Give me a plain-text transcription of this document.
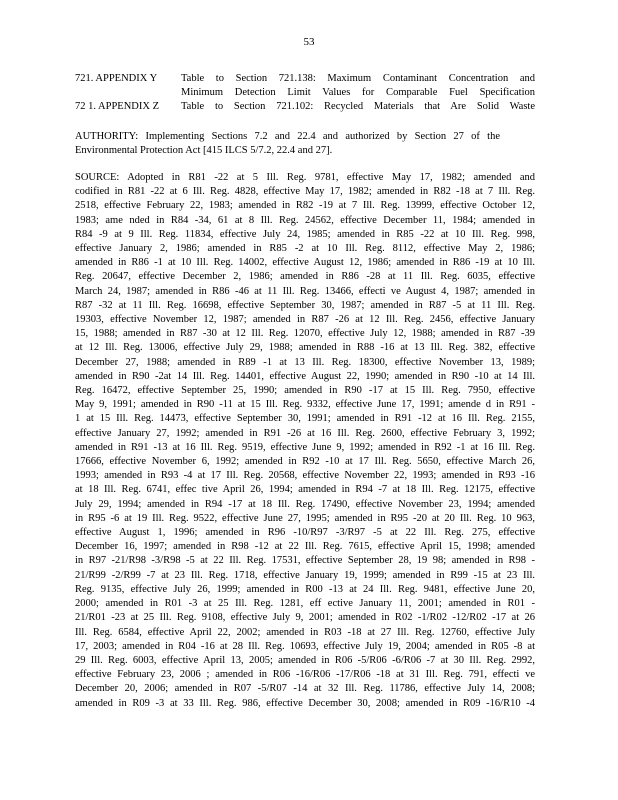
53
721. APPENDIX Y Table to Section 721.138: Maximum Contaminant Concentration and
Minimum Detection Limit Values for Comparable Fuel Specification
72 1. APPENDIX Z Table to Section 721.102: Recycled Materials that Are Solid Waste
AUTHORITY: Implementing Sections 7.2 and 22.4 and authorized by Section 27 of the
Environmental Protection Act [415 ILCS 5/7.2, 22.4 and 27].
SOURCE: Adopted in R81 -22 at 5 Ill. Reg. 9781, effective May 17, 1982; amended and
codified in R81 -22 at 6 Ill. Reg. 4828, effective May 17, 1982; amended in R82 -18 at 7 Ill. Reg.
2518, effective February 22, 1983; amended in R82 -19 at 7 Ill. Reg. 13999, effective October 12,
1983; ame nded in R84 -34, 61 at 8 Ill. Reg. 24562, effective December 11, 1984; amended in
R84 -9 at 9 Ill. Reg. 11834, effective July 24, 1985; amended in R85 -22 at 10 Ill. Reg. 998,
effective January 2, 1986; amended in R85 -2 at 10 Ill. Reg. 8112, effective May 2, 1986;
amended in R86 -1 at 10 Ill. Reg. 14002, effective August 12, 1986; amended in R86 -19 at 10 Ill.
Reg. 20647, effective December 2, 1986; amended in R86 -28 at 11 Ill. Reg. 6035, effective
March 24, 1987; amended in R86 -46 at 11 Ill. Reg. 13466, effecti ve August 4, 1987; amended in
R87 -32 at 11 Ill. Reg. 16698, effective September 30, 1987; amended in R87 -5 at 11 Ill. Reg.
19303, effective November 12, 1987; amended in R87 -26 at 12 Ill. Reg. 2456, effective January
15, 1988; amended in R87 -30 at 12 Ill. Reg. 12070, effective July 12, 1988; amended in R87 -39
at 12 Ill. Reg. 13006, effective July 29, 1988; amended in R88 -16 at 13 Ill. Reg. 382, effective
December 27, 1988; amended in R89 -1 at 13 Ill. Reg. 18300, effective November 13, 1989;
amended in R90 -2at 14 Ill. Reg. 14401, effective August 22, 1990; amended in R90 -10 at 14 Ill.
Reg. 16472, effective September 25, 1990; amended in R90 -17 at 15 Ill. Reg. 7950, effective
May 9, 1991; amended in R90 -11 at 15 Ill. Reg. 9332, effective June 17, 1991; amende d in R91 -
1 at 15 Ill. Reg. 14473, effective September 30, 1991; amended in R91 -12 at 16 Ill. Reg. 2155,
effective January 27, 1992; amended in R91 -26 at 16 Ill. Reg. 2600, effective February 3, 1992;
amended in R91 -13 at 16 Ill. Reg. 9519, effective June 9, 1992; amended in R92 -1 at 16 Ill. Reg.
17666, effective November 6, 1992; amended in R92 -10 at 17 Ill. Reg. 5650, effective March 26,
1993; amended in R93 -4 at 17 Ill. Reg. 20568, effective November 22, 1993; amended in R93 -16
at 18 Ill. Reg. 6741, effec tive April 26, 1994; amended in R94 -7 at 18 Ill. Reg. 12175, effective
July 29, 1994; amended in R94 -17 at 18 Ill. Reg. 17490, effective November 23, 1994; amended
in R95 -6 at 19 Ill. Reg. 9522, effective June 27, 1995; amended in R95 -20 at 20 Ill. Reg. 10 963,
effective August 1, 1996; amended in R96 -10/R97 -3/R97 -5 at 22 Ill. Reg. 275, effective
December 16, 1997; amended in R98 -12 at 22 Ill. Reg. 7615, effective April 15, 1998; amended
in R97 -21/R98 -3/R98 -5 at 22 Ill. Reg. 17531, effective September 28, 19 98; amended in R98 -
21/R99 -2/R99 -7 at 23 Ill. Reg. 1718, effective January 19, 1999; amended in R99 -15 at 23 Ill.
Reg. 9135, effective July 26, 1999; amended in R00 -13 at 24 Ill. Reg. 9481, effective June 20,
2000; amended in R01 -3 at 25 Ill. Reg. 1281, eff ective January 11, 2001; amended in R01 -
21/R01 -23 at 25 Ill. Reg. 9108, effective July 9, 2001; amended in R02 -1/R02 -12/R02 -17 at 26
Ill. Reg. 6584, effective April 22, 2002; amended in R03 -18 at 27 Ill. Reg. 12760, effective July
17, 2003; amended in R04 -16 at 28 Ill. Reg. 10693, effective July 19, 2004; amended in R05 -8 at
29 Ill. Reg. 6003, effective April 13, 2005; amended in R06 -5/R06 -6/R06 -7 at 30 Ill. Reg. 2992,
effective February 23, 2006 ; amended in R06 -16/R06 -17/R06 -18 at 31 Ill. Reg. 791, effecti ve
December 20, 2006; amended in R07 -5/R07 -14 at 32 Ill. Reg. 11786, effective July 14, 2008;
amended in R09 -3 at 33 Ill. Reg. 986, effective December 30, 2008; amended in R09 -16/R10 -4
